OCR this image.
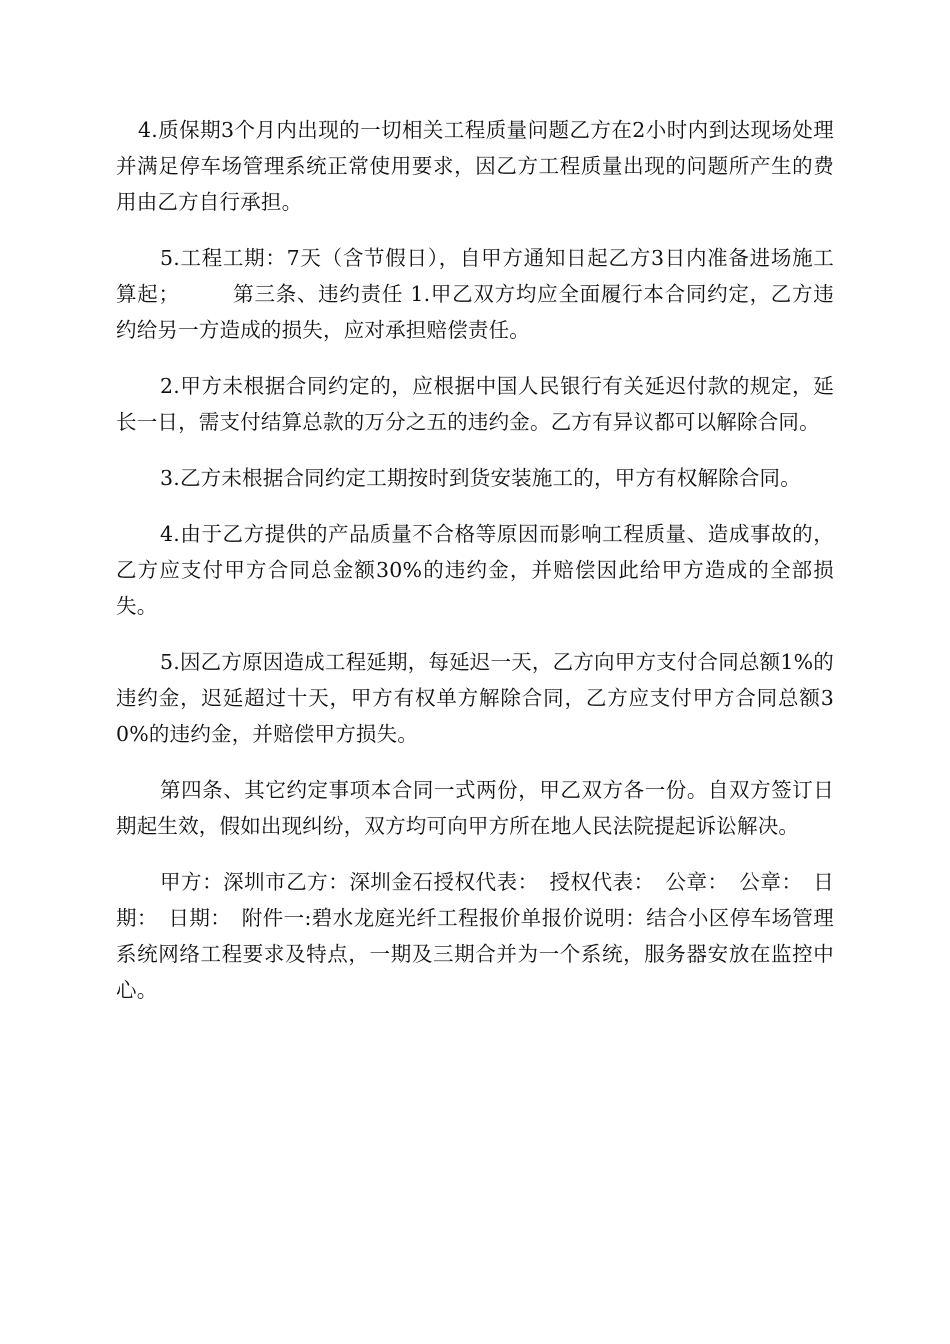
4.质保期3个月内出现的一切相关工程质量问题乙方在2小时内到达现场处理并满足停车场管理系统正常使用要求，因乙方工程质量出现的问题所产生的费用由乙方自行承担。

5.工程工期：7天（含节假日），自甲方通知日起乙方3日内准备进场施工算起；　　　第三条、违约责任 1.甲乙双方均应全面履行本合同约定，乙方违约给另一方造成的损失，应对承担赔偿责任。

2.甲方未根据合同约定的，应根据中国人民银行有关延迟付款的规定，延长一日，需支付结算总款的万分之五的违约金。乙方有异议都可以解除合同。

3.乙方未根据合同约定工期按时到货安装施工的，甲方有权解除合同。

4.由于乙方提供的产品质量不合格等原因而影响工程质量、造成事故的，乙方应支付甲方合同总金额30%的违约金，并赔偿因此给甲方造成的全部损失。

5.因乙方原因造成工程延期，每延迟一天，乙方向甲方支付合同总额1%的违约金，迟延超过十天，甲方有权单方解除合同，乙方应支付甲方合同总额30%的违约金，并赔偿甲方损失。

第四条、其它约定事项本合同一式两份，甲乙双方各一份。自双方签订日期起生效，假如出现纠纷，双方均可向甲方所在地人民法院提起诉讼解决。

甲方：深圳市乙方：深圳金石授权代表：　授权代表：　公章：　公章：　日期：　日期：　附件一:碧水龙庭光纤工程报价单报价说明：结合小区停车场管理系统网络工程要求及特点，一期及三期合并为一个系统，服务器安放在监控中心。
